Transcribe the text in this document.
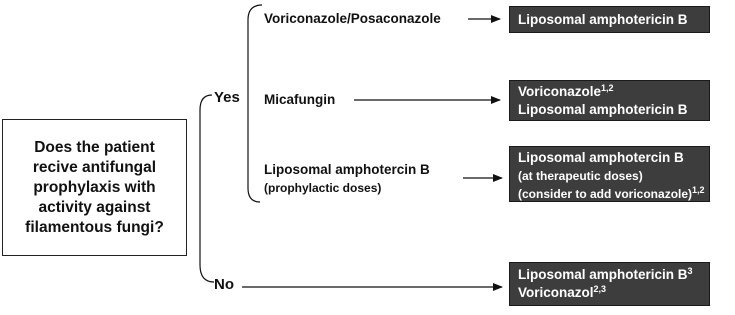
Does the patient
recive antifungal
prophylaxis with
activity against
filamentous fungi?
Yes
No
Voriconazole/Posaconazole
Micafungin
Liposomal amphotercin B
(prophylactic doses)
Liposomal amphotericin B
Voriconazole$^{1,2}$
Liposomal amphotericin B
Liposomal amphotercin B
(at therapeutic doses)
(consider to add voriconazole)$^{1,2}$
Liposomal amphotericin $B^3$
Voriconazol$^{2,3}$
